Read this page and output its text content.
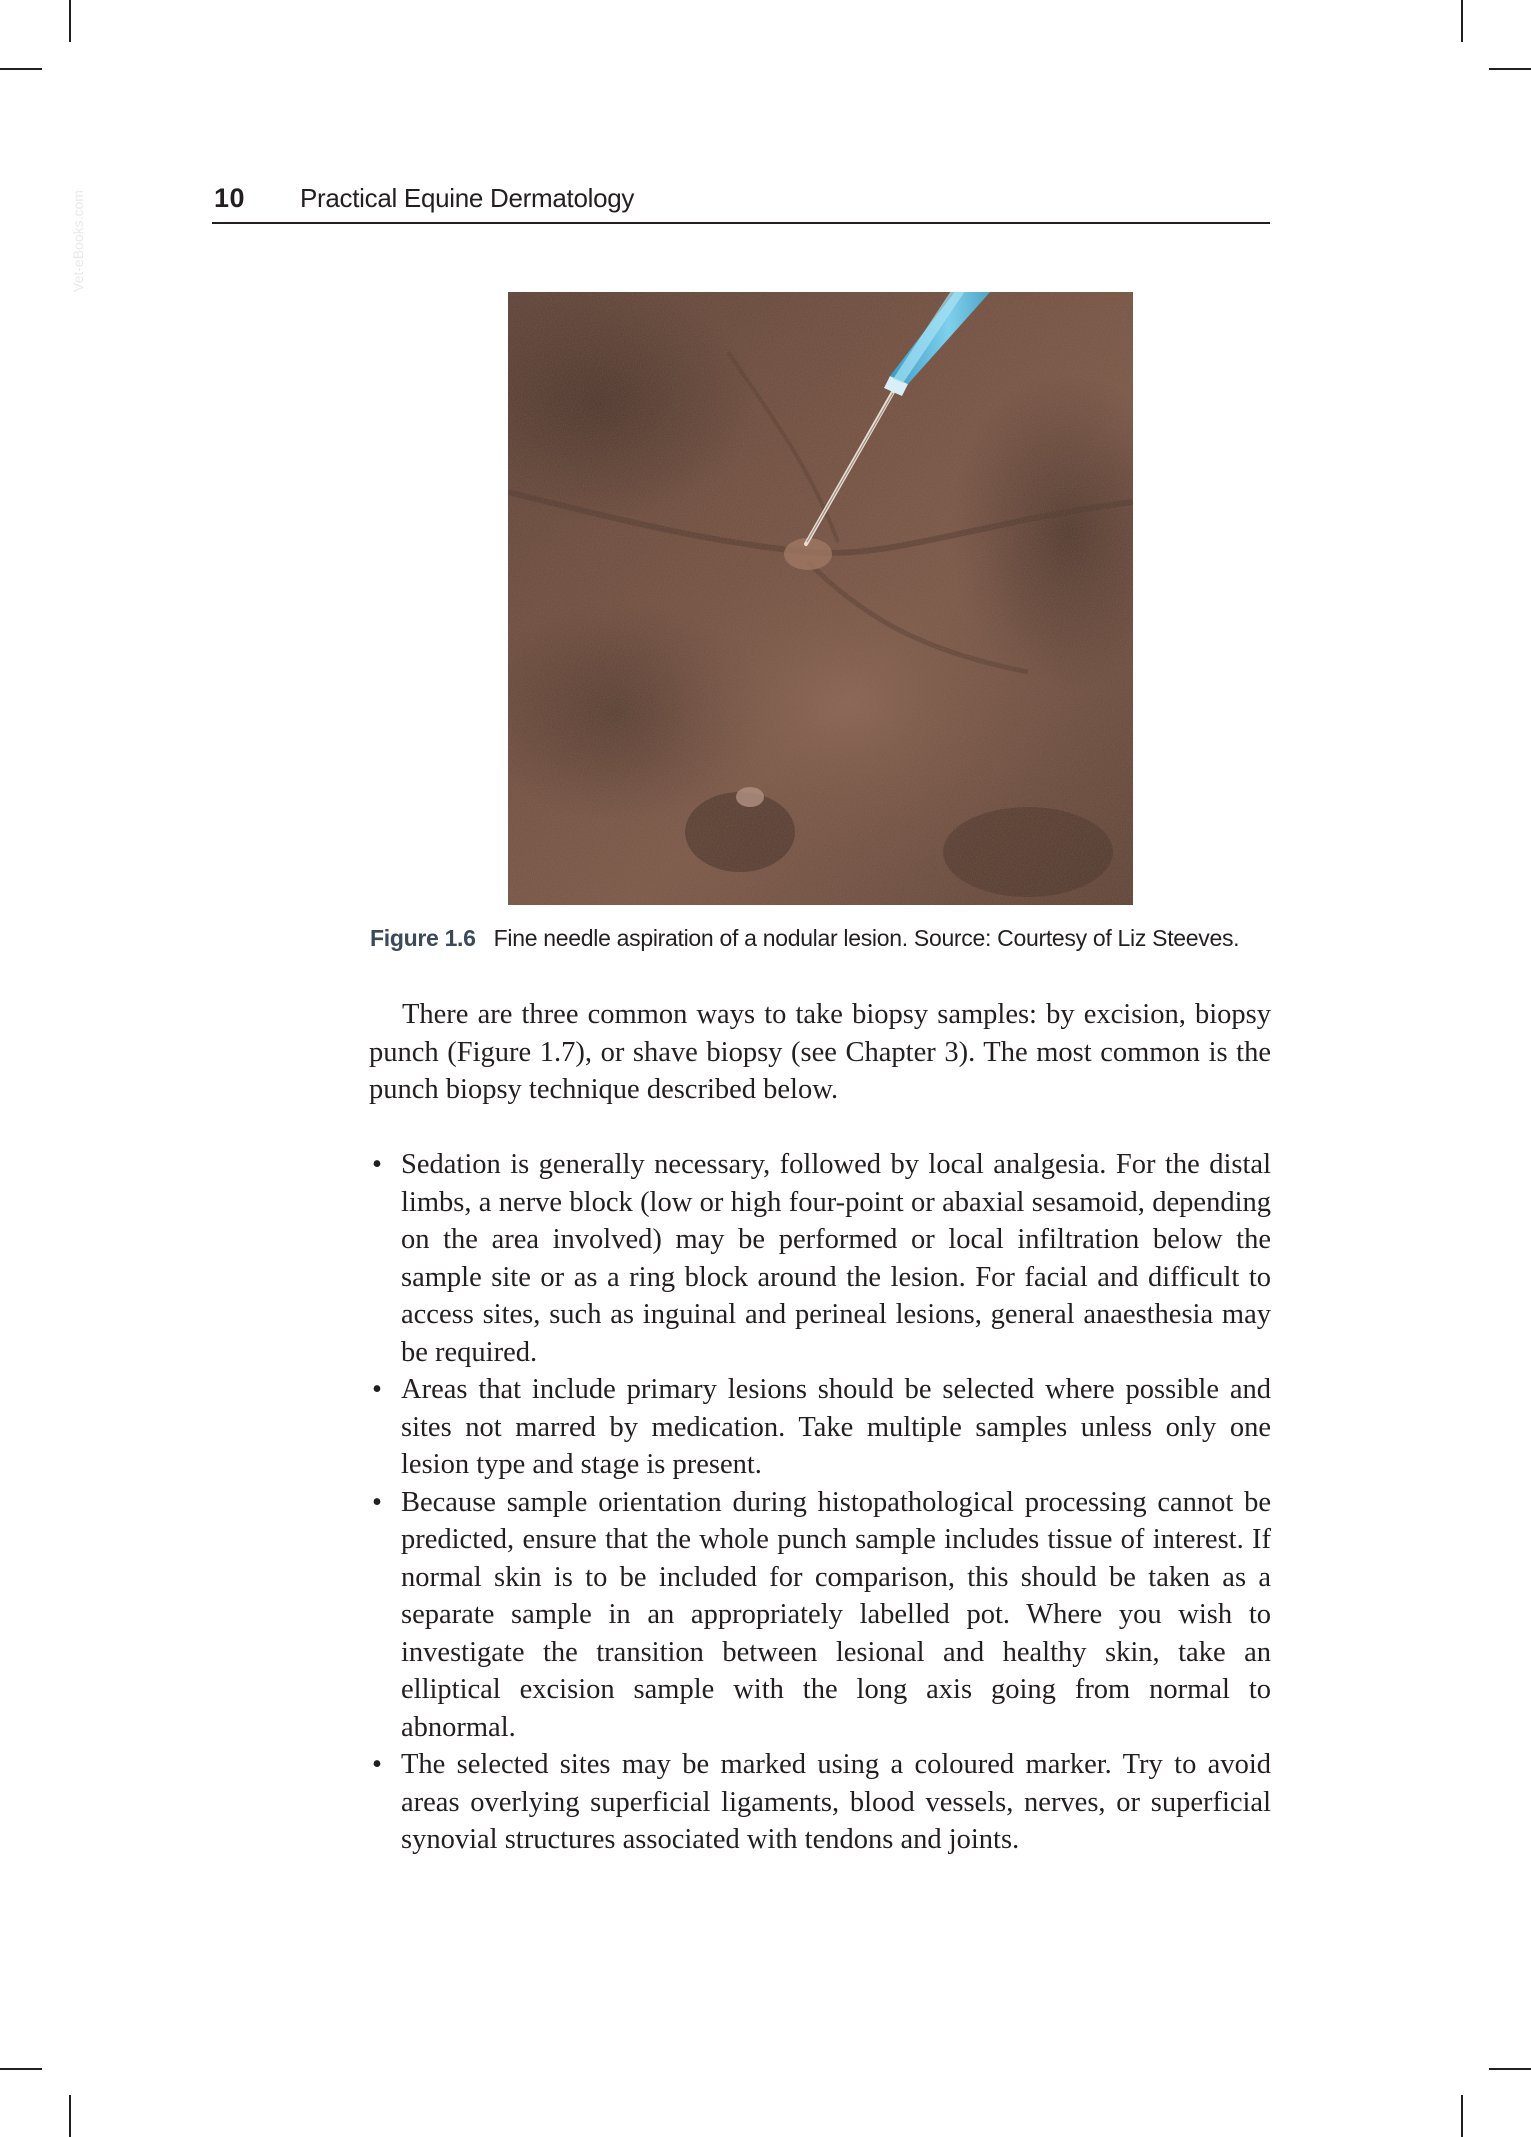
Vet-eBooks.com	10 Practical Equine Dermatology
Figure 1.6 Fine needle aspiration of a nodular lesion. Source: Courtesy of Liz Steeves.

There are three common ways to take biopsy samples: by excision, biopsy punch (Figure 1.7), or shave biopsy (see Chapter 3). The most common is the punch biopsy technique described below.

• Sedation is generally necessary, followed by local analgesia. For the distal limbs, a nerve block (low or high four-point or abaxial sesamoid, depending on the area involved) may be performed or local infiltration below the sample site or as a ring block around the lesion. For facial and difficult to access sites, such as inguinal and perineal lesions, general anaesthesia may be required.
• Areas that include primary lesions should be selected where possible and sites not marred by medication. Take multiple samples unless only one lesion type and stage is present.
• Because sample orientation during histopathological processing cannot be predicted, ensure that the whole punch sample includes tissue of interest. If normal skin is to be included for comparison, this should be taken as a separate sample in an appropriately labelled pot. Where you wish to investigate the transition between lesional and healthy skin, take an elliptical excision sample with the long axis going from normal to abnormal.
• The selected sites may be marked using a coloured marker. Try to avoid areas overlying superficial ligaments, blood vessels, nerves, or superficial synovial structures associated with tendons and joints.
